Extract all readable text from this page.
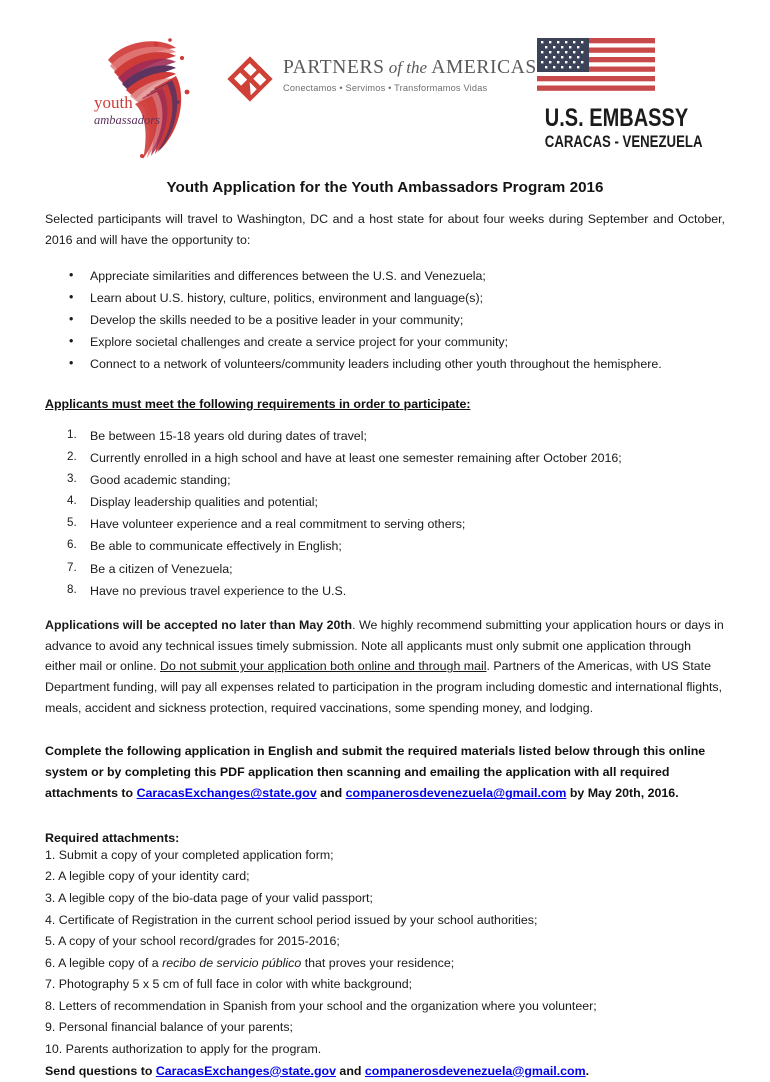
youth
ambassadors
PARTNERS of the AMERICAS
Conectamos • Servimos • Transformamos Vidas
U.S. EMBASSY
CARACAS - VENEZUELA
Youth Application for the Youth Ambassadors Program 2016

Selected participants will travel to Washington, DC and a host state for about four weeks during September and October, 2016 and will have the opportunity to:

• Appreciate similarities and differences between the U.S. and Venezuela;
• Learn about U.S. history, culture, politics, environment and language(s);
• Develop the skills needed to be a positive leader in your community;
• Explore societal challenges and create a service project for your community;
• Connect to a network of volunteers/community leaders including other youth throughout the hemisphere.

Applicants must meet the following requirements in order to participate:

Be between 15-18 years old during dates of travel;
Currently enrolled in a high school and have at least one semester remaining after October 2016;
Good academic standing;
Display leadership qualities and potential;
Have volunteer experience and a real commitment to serving others;
Be able to communicate effectively in English;
Be a citizen of Venezuela;
Have no previous travel experience to the U.S.

Applications will be accepted no later than May 20th. We highly recommend submitting your application hours or days in advance to avoid any technical issues timely submission. Note all applicants must only submit one application through either mail or online. Do not submit your application both online and through mail. Partners of the Americas, with US State Department funding, will pay all expenses related to participation in the program including domestic and international flights, meals, accident and sickness protection, required vaccinations, some spending money, and lodging.

Complete the following application in English and submit the required materials listed below through this online system or by completing this PDF application then scanning and emailing the application with all required attachments to CaracasExchanges@state.gov and companerosdevenezuela@gmail.com by May 20th, 2016.

Required attachments:

1. Submit a copy of your completed application form;
2. A legible copy of your identity card;
3. A legible copy of the bio-data page of your valid passport;
4. Certificate of Registration in the current school period issued by your school authorities;
5. A copy of your school record/grades for 2015-2016;
6. A legible copy of a recibo de servicio público that proves your residence;
7. Photography 5 x 5 cm of full face in color with white background;
8. Letters of recommendation in Spanish from your school and the organization where you volunteer;
9. Personal financial balance of your parents;
10. Parents authorization to apply for the program.
Send questions to CaracasExchanges@state.gov and companerosdevenezuela@gmail.com.
